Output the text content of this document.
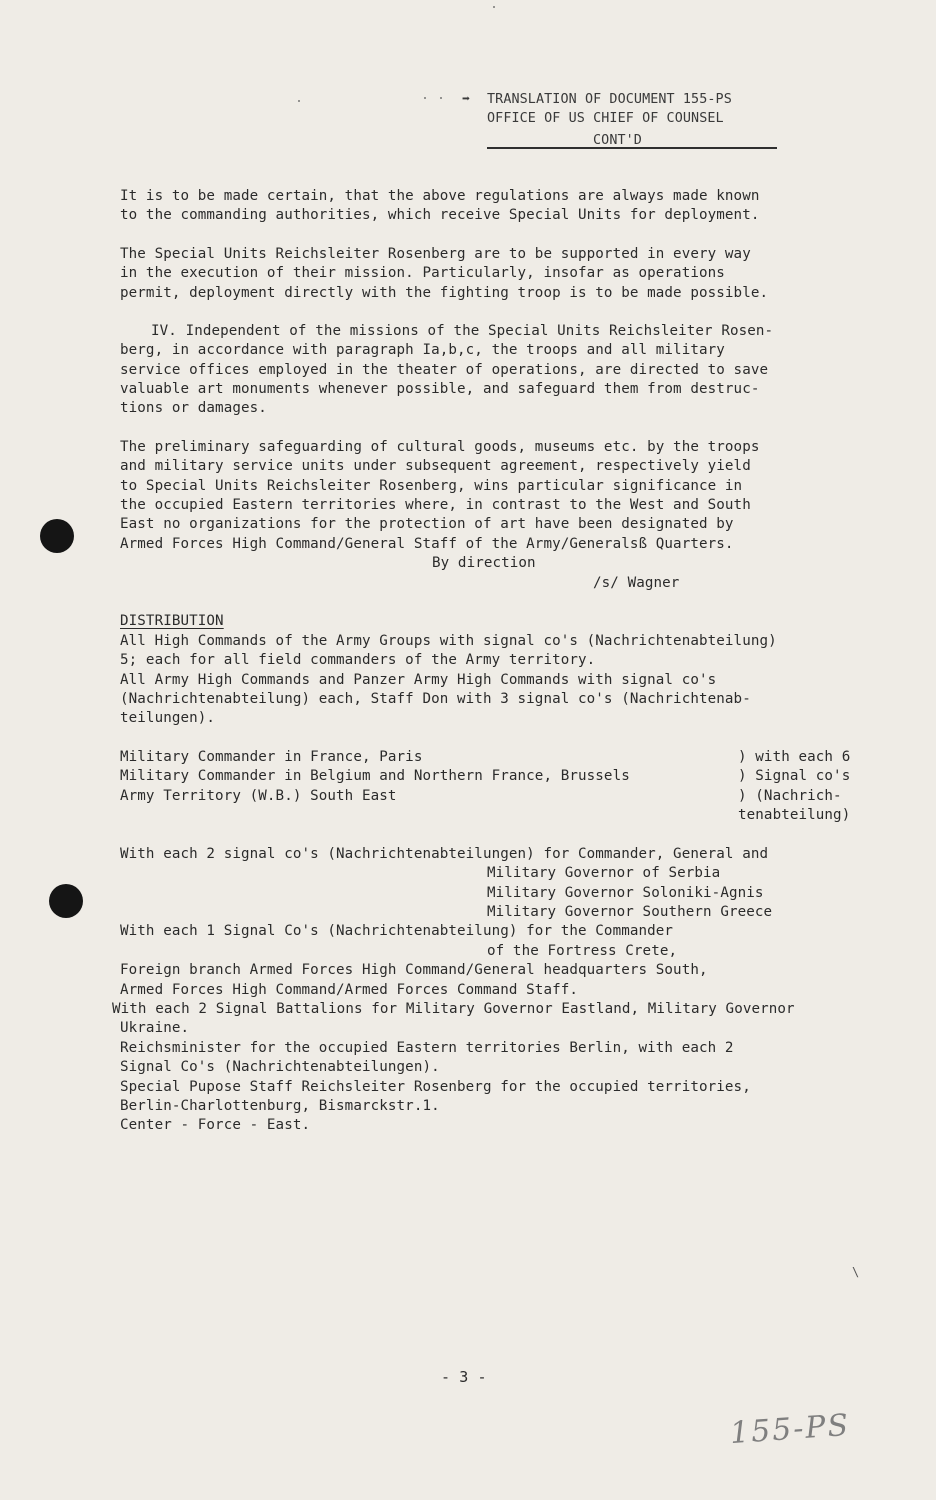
➡ TRANSLATION OF DOCUMENT 155-PS
OFFICE OF US CHIEF OF COUNSEL
CONT'D
It is to be made certain, that the above regulations are always made known
to the commanding authorities, which receive Special Units for deployment.
The Special Units Reichsleiter Rosenberg are to be supported in every way
in the execution of their mission. Particularly, insofar as operations
permit, deployment directly with the fighting troop is to be made possible.
IV. Independent of the missions of the Special Units Reichsleiter Rosen-
berg, in accordance with paragraph Ia,b,c, the troops and all military
service offices employed in the theater of operations, are directed to save
valuable art monuments whenever possible, and safeguard them from destruc-
tions or damages.
The preliminary safeguarding of cultural goods, museums etc. by the troops
and military service units under subsequent agreement, respectively yield
to Special Units Reichsleiter Rosenberg, wins particular significance in
the occupied Eastern territories where, in contrast to the West and South
East no organizations for the protection of art have been designated by
Armed Forces High Command/General Staff of the Army/Generalsß Quarters.
By direction
/s/ Wagner
DISTRIBUTION
All High Commands of the Army Groups with signal co's (Nachrichtenabteilung)
5; each for all field commanders of the Army territory.
All Army High Commands and Panzer Army High Commands with signal co's
(Nachrichtenabteilung) each, Staff Don with 3 signal co's (Nachrichtenab-
teilungen).
Military Commander in France, Paris
Military Commander in Belgium and Northern France, Brussels
Army Territory (W.B.) South East
) with each 6
) Signal co's
) (Nachrich-
tenabteilung)
With each 2 signal co's (Nachrichtenabteilungen) for Commander, General and
Military Governor of Serbia
Military Governor Soloniki-Agnis
Military Governor Southern Greece
With each 1 Signal Co's (Nachrichtenabteilung) for the Commander
of the Fortress Crete,
Foreign branch Armed Forces High Command/General headquarters South,
Armed Forces High Command/Armed Forces Command Staff.
With each 2 Signal Battalions for Military Governor Eastland, Military Governor
Ukraine.
Reichsminister for the occupied Eastern territories Berlin, with each 2
Signal Co's (Nachrichtenabteilungen).
Special Pupose Staff Reichsleiter Rosenberg for the occupied territories,
Berlin-Charlottenburg, Bismarckstr.1.
Center - Force - East.
- 3 -
155-PS
\
